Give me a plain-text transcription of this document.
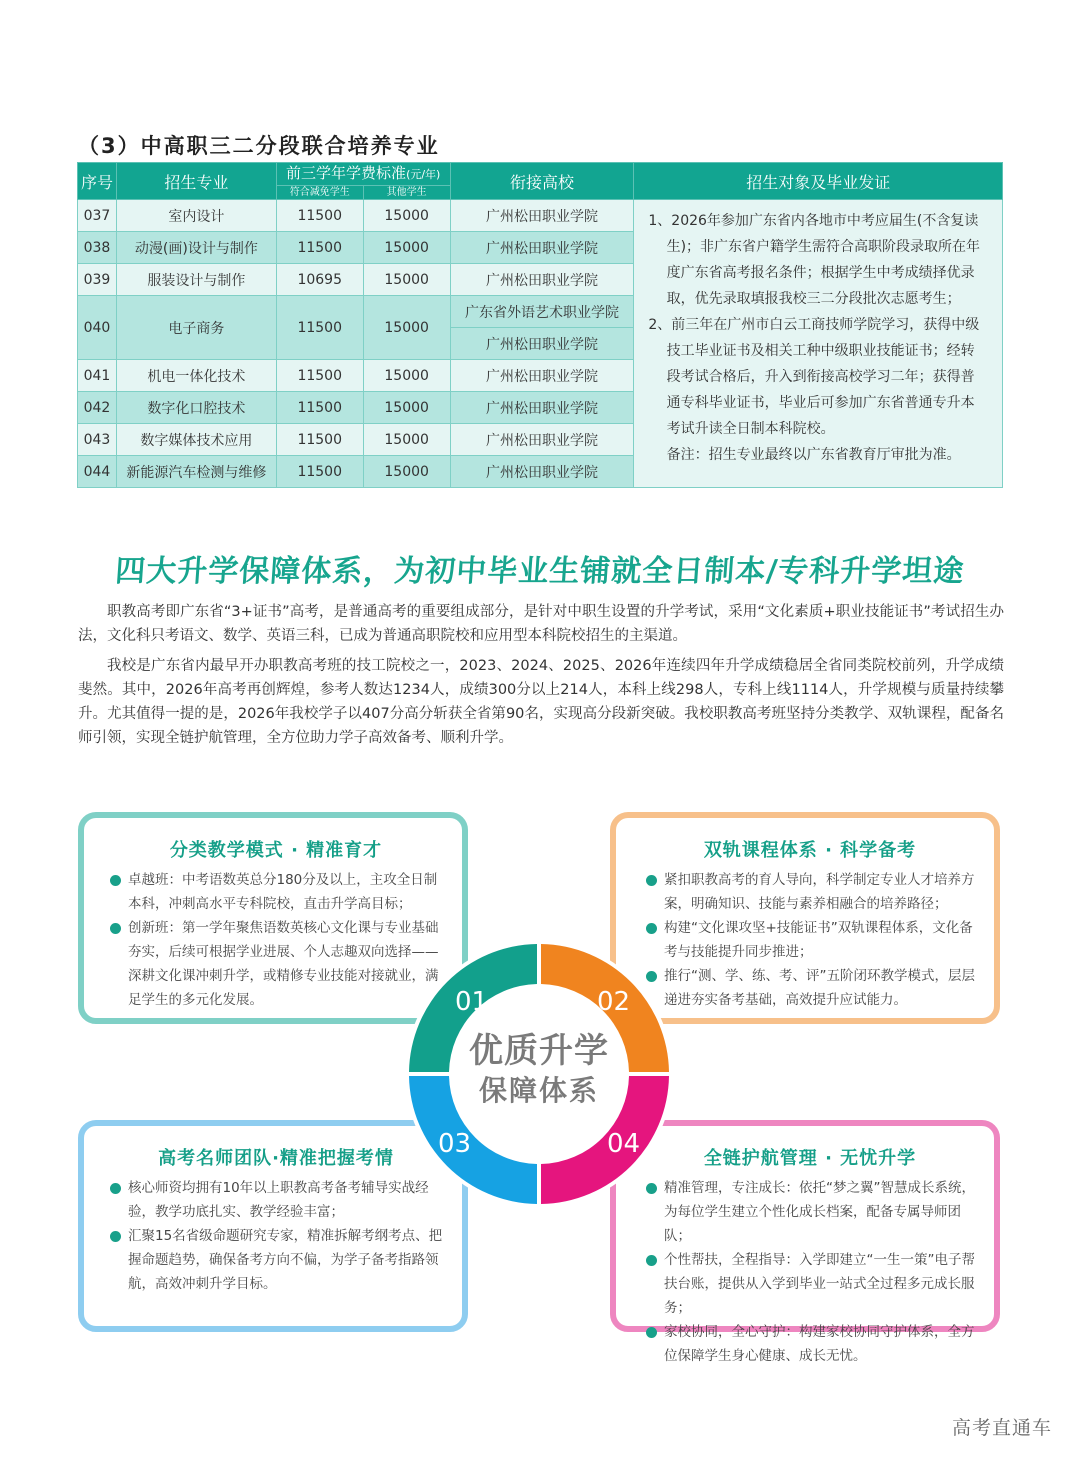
（3）中高职三二分段联合培养专业
序号	招生专业	前三学年学费标准(元/年)		衔接高校	招生对象及毕业发证
		符合减免学生	其他学生		
037	室内设计	11500	15000	广州松田职业学院	1、2026年参加广东省内各地市中考应届生(不含复读生)；非广东省户籍学生需符合高职阶段录取所在年度广东省高考报名条件；根据学生中考成绩择优录取，优先录取填报我校三二分段批次志愿考生；

2、前三年在广州市白云工商技师学院学习，获得中级技工毕业证书及相关工种中级职业技能证书；经转段考试合格后，升入到衔接高校学习二年；获得普通专科毕业证书，毕业后可参加广东省普通专升本考试升读全日制本科院校。

备注：招生专业最终以广东省教育厅审批为准。

038	动漫(画)设计与制作	11500	15000	广州松田职业学院	
039	服装设计与制作	10695	15000	广州松田职业学院	
040	电子商务	11500	15000	广东省外语艺术职业学院	
				广州松田职业学院	
041	机电一体化技术	11500	15000	广州松田职业学院	
042	数字化口腔技术	11500	15000	广州松田职业学院	
043	数字媒体技术应用	11500	15000	广州松田职业学院	
044	新能源汽车检测与维修	11500	15000	广州松田职业学院	
四大升学保障体系，为初中毕业生铺就全日制本/专科升学坦途

职教高考即广东省“3+证书”高考，是普通高考的重要组成部分，是针对中职生设置的升学考试，采用“文化素质+职业技能证书”考试招生办法，文化科只考语文、数学、英语三科，已成为普通高职院校和应用型本科院校招生的主渠道。

我校是广东省内最早开办职教高考班的技工院校之一，2023、2024、2025、2026年连续四年升学成绩稳居全省同类院校前列，升学成绩斐然。其中，2026年高考再创辉煌，参考人数达1234人，成绩300分以上214人，本科上线298人，专科上线1114人，升学规模与质量持续攀升。尤其值得一提的是，2026年我校学子以407分高分斩获全省第90名，实现高分段新突破。我校职教高考班坚持分类教学、双轨课程，配备名师引领，实现全链护航管理，全方位助力学子高效备考、顺利升学。

分类教学模式 · 精准育才
卓越班：中考语数英总分180分及以上，主攻全日制本科，冲刺高水平专科院校，直击升学高目标；
创新班：第一学年聚焦语数英核心文化课与专业基础夯实，后续可根据学业进展、个人志趣双向选择——深耕文化课冲刺升学，或精修专业技能对接就业，满足学生的多元化发展。
双轨课程体系 · 科学备考
紧扣职教高考的育人导向，科学制定专业人才培养方案，明确知识、技能与素养相融合的培养路径；
构建“文化课攻坚+技能证书”双轨课程体系，文化备考与技能提升同步推进；
推行“测、学、练、考、评”五阶闭环教学模式，层层递进夯实备考基础，高效提升应试能力。
高考名师团队·精准把握考情
核心师资均拥有10年以上职教高考备考辅导实战经验，教学功底扎实、教学经验丰富；
汇聚15名省级命题研究专家，精准拆解考纲考点、把握命题趋势，确保备考方向不偏，为学子备考指路领航，高效冲刺升学目标。
全链护航管理 · 无忧升学
精准管理，专注成长：依托“梦之翼”智慧成长系统，为每位学生建立个性化成长档案，配备专属导师团队；
个性帮扶，全程指导：入学即建立“一生一策”电子帮扶台账，提供从入学到毕业一站式全过程多元成长服务；
家校协同，全心守护：构建家校协同守护体系，全方位保障学生身心健康、成长无忧。
01	02
03	04
优质升学
保障体系
高考直通车
